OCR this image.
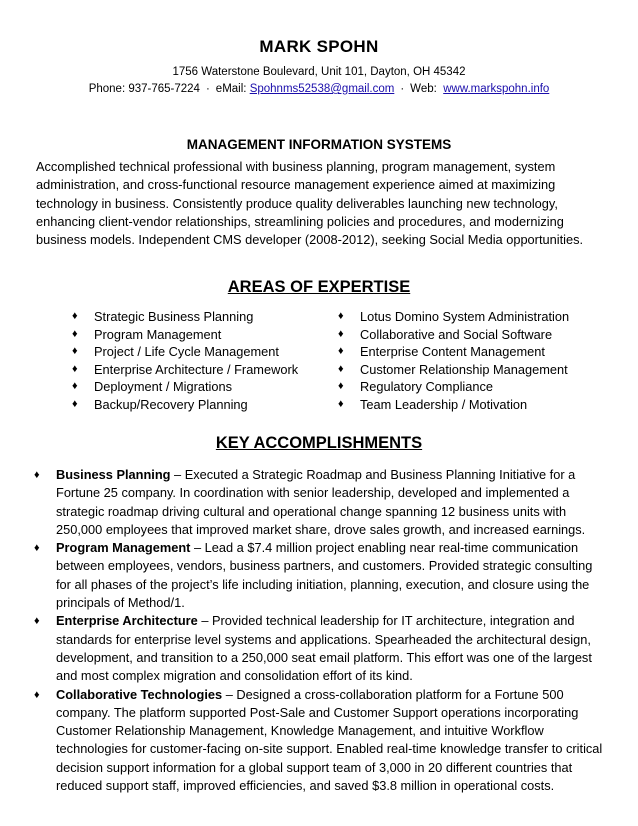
MARK SPOHN
1756 Waterstone Boulevard, Unit 101, Dayton, OH 45342
Phone: 937-765-7224 · eMail: Spohnms52538@gmail.com · Web: www.markspohn.info
MANAGEMENT INFORMATION SYSTEMS
Accomplished technical professional with business planning, program management, system
administration, and cross-functional resource management experience aimed at maximizing
technology in business. Consistently produce quality deliverables launching new technology,
enhancing client-vendor relationships, streamlining policies and procedures, and modernizing
business models. Independent CMS developer (2008-2012), seeking Social Media opportunities.
AREAS OF EXPERTISE
♦ Strategic Business Planning
♦ Program Management
♦ Project / Life Cycle Management
♦ Enterprise Architecture / Framework
♦ Deployment / Migrations
♦ Backup/Recovery Planning
♦ Lotus Domino System Administration
♦ Collaborative and Social Software
♦ Enterprise Content Management
♦ Customer Relationship Management
♦ Regulatory Compliance
♦ Team Leadership / Motivation
KEY ACCOMPLISHMENTS
♦ Business Planning – Executed a Strategic Roadmap and Business Planning Initiative for a
Fortune 25 company. In coordination with senior leadership, developed and implemented a
strategic roadmap driving cultural and operational change spanning 12 business units with
250,000 employees that improved market share, drove sales growth, and increased earnings.
♦ Program Management – Lead a $7.4 million project enabling near real-time communication
between employees, vendors, business partners, and customers. Provided strategic consulting
for all phases of the project’s life including initiation, planning, execution, and closure using the
principals of Method/1.
♦ Enterprise Architecture – Provided technical leadership for IT architecture, integration and
standards for enterprise level systems and applications. Spearheaded the architectural design,
development, and transition to a 250,000 seat email platform. This effort was one of the largest
and most complex migration and consolidation effort of its kind.
♦ Collaborative Technologies – Designed a cross-collaboration platform for a Fortune 500
company. The platform supported Post-Sale and Customer Support operations incorporating
Customer Relationship Management, Knowledge Management, and intuitive Workflow
technologies for customer-facing on-site support. Enabled real-time knowledge transfer to critical
decision support information for a global support team of 3,000 in 20 different countries that
reduced support staff, improved efficiencies, and saved $3.8 million in operational costs.
